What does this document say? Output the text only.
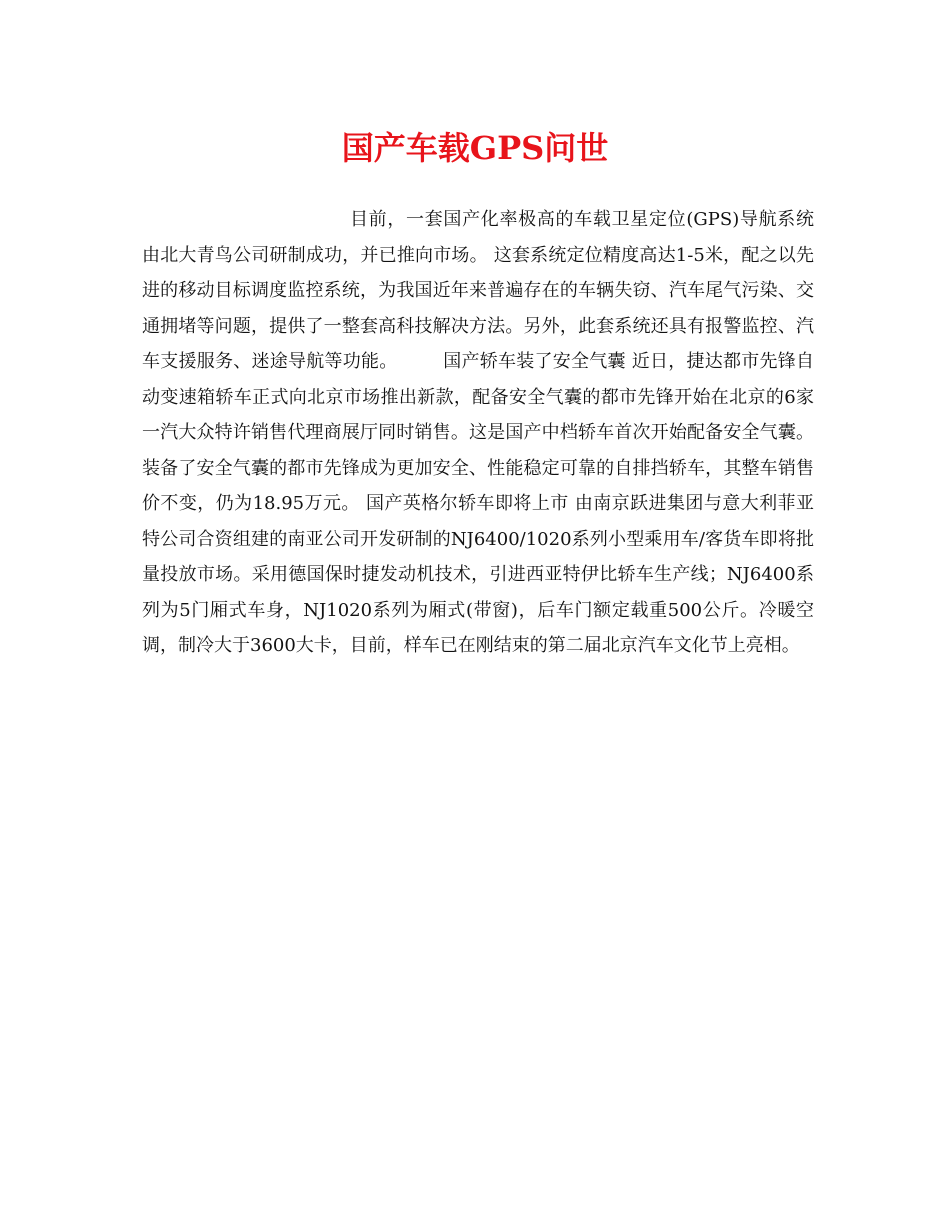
国产车载GPS问世

目前，一套国产化率极高的车载卫星定位(GPS)导航系统由北大青鸟公司研制成功，并已推向市场。 这套系统定位精度高达1-5米，配之以先进的移动目标调度监控系统，为我国近年来普遍存在的车辆失窃、汽车尾气污染、交通拥堵等问题，提供了一整套高科技解决方法。另外，此套系统还具有报警监控、汽车支援服务、迷途导航等功能。　　　国产轿车装了安全气囊 近日，捷达都市先锋自动变速箱轿车正式向北京市场推出新款，配备安全气囊的都市先锋开始在北京的6家一汽大众特许销售代理商展厅同时销售。这是国产中档轿车首次开始配备安全气囊。装备了安全气囊的都市先锋成为更加安全、性能稳定可靠的自排挡轿车，其整车销售价不变，仍为18.95万元。 国产英格尔轿车即将上市 由南京跃进集团与意大利菲亚特公司合资组建的南亚公司开发研制的NJ6400/1020系列小型乘用车/客货车即将批量投放市场。采用德国保时捷发动机技术，引进西亚特伊比轿车生产线；NJ6400系列为5门厢式车身，NJ1020系列为厢式(带窗)，后车门额定载重500公斤。冷暖空调，制冷大于3600大卡，目前，样车已在刚结束的第二届北京汽车文化节上亮相。
